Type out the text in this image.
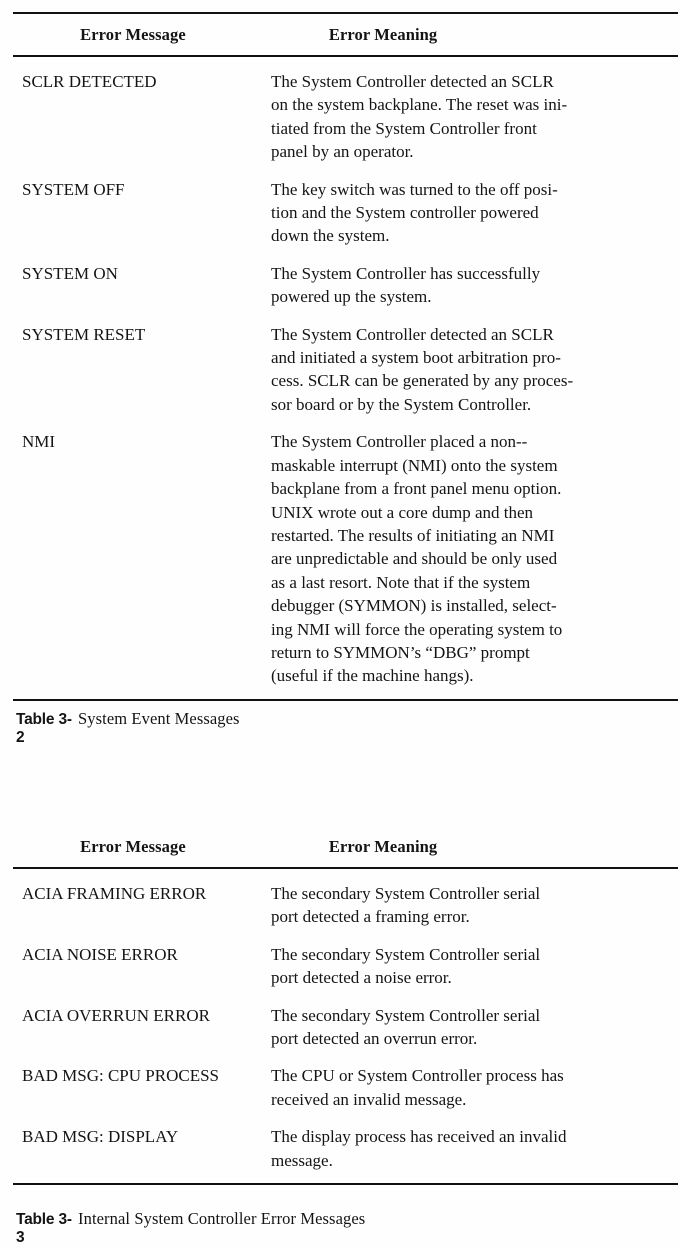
Error Message	Error Meaning
SCLR DETECTED	The System Controller detected an SCLR
on the system backplane. The reset was ini-
tiated from the System Controller front
panel by an operator.
SYSTEM OFF	The key switch was turned to the off posi-
tion and the System controller powered
down the system.
SYSTEM ON	The System Controller has successfully
powered up the system.
SYSTEM RESET	The System Controller detected an SCLR
and initiated a system boot arbitration pro-
cess. SCLR can be generated by any proces-
sor board or by the System Controller.
NMI	The System Controller placed a non--
maskable interrupt (NMI) onto the system
backplane from a front panel menu option.
UNIX wrote out a core dump and then
restarted. The results of initiating an NMI
are unpredictable and should be only used
as a last resort. Note that if the system
debugger (SYMMON) is installed, select-
ing NMI will force the operating system to
return to SYMMON’s “DBG” prompt
(useful if the machine hangs).
Table 3-2
System Event Messages
Error Message	Error Meaning
ACIA FRAMING ERROR	The secondary System Controller serial
port detected a framing error.
ACIA NOISE ERROR	The secondary System Controller serial
port detected a noise error.
ACIA OVERRUN ERROR	The secondary System Controller serial
port detected an overrun error.
BAD MSG: CPU PROCESS	The CPU or System Controller process has
received an invalid message.
BAD MSG: DISPLAY	The display process has received an invalid
message.
Table 3-3
Internal System Controller Error Messages
